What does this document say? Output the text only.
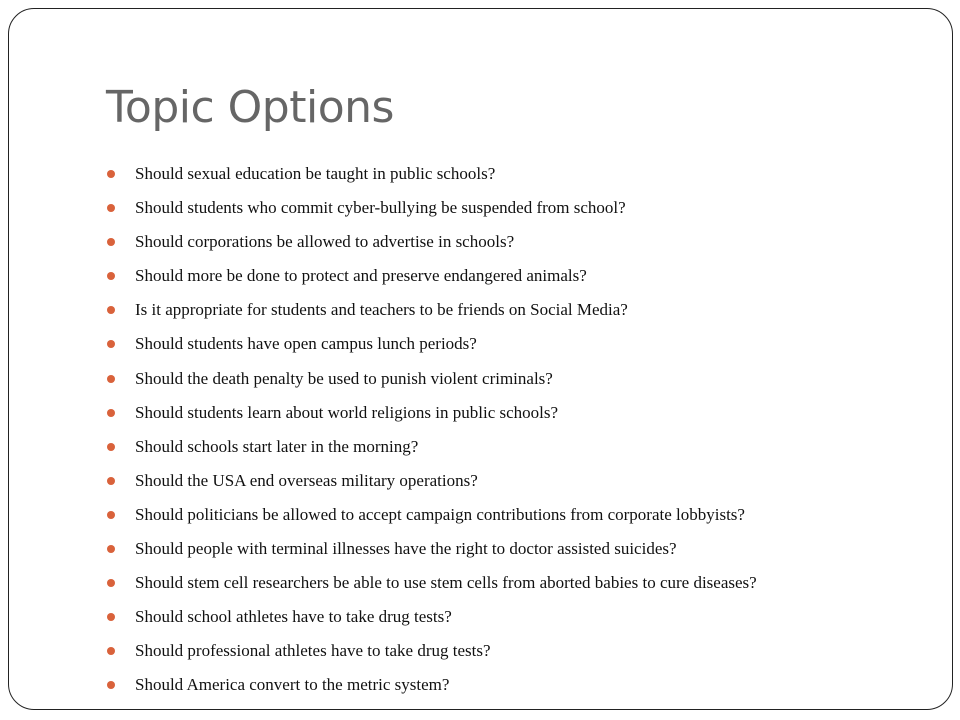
Topic Options
Should sexual education be taught in public schools?
Should students who commit cyber-bullying be suspended from school?
Should corporations be allowed to advertise in schools?
Should more be done to protect and preserve endangered animals?
Is it appropriate for students and teachers to be friends on Social Media?
Should students have open campus lunch periods?
Should the death penalty be used to punish violent criminals?
Should students learn about world religions in public schools?
Should schools start later in the morning?
Should the USA end overseas military operations?
Should politicians be allowed to accept campaign contributions from corporate lobbyists?
Should people with terminal illnesses have the right to doctor assisted suicides?
Should stem cell researchers be able to use stem cells from aborted babies to cure diseases?
Should school athletes have to take drug tests?
Should professional athletes have to take drug tests?
Should America convert to the metric system?
